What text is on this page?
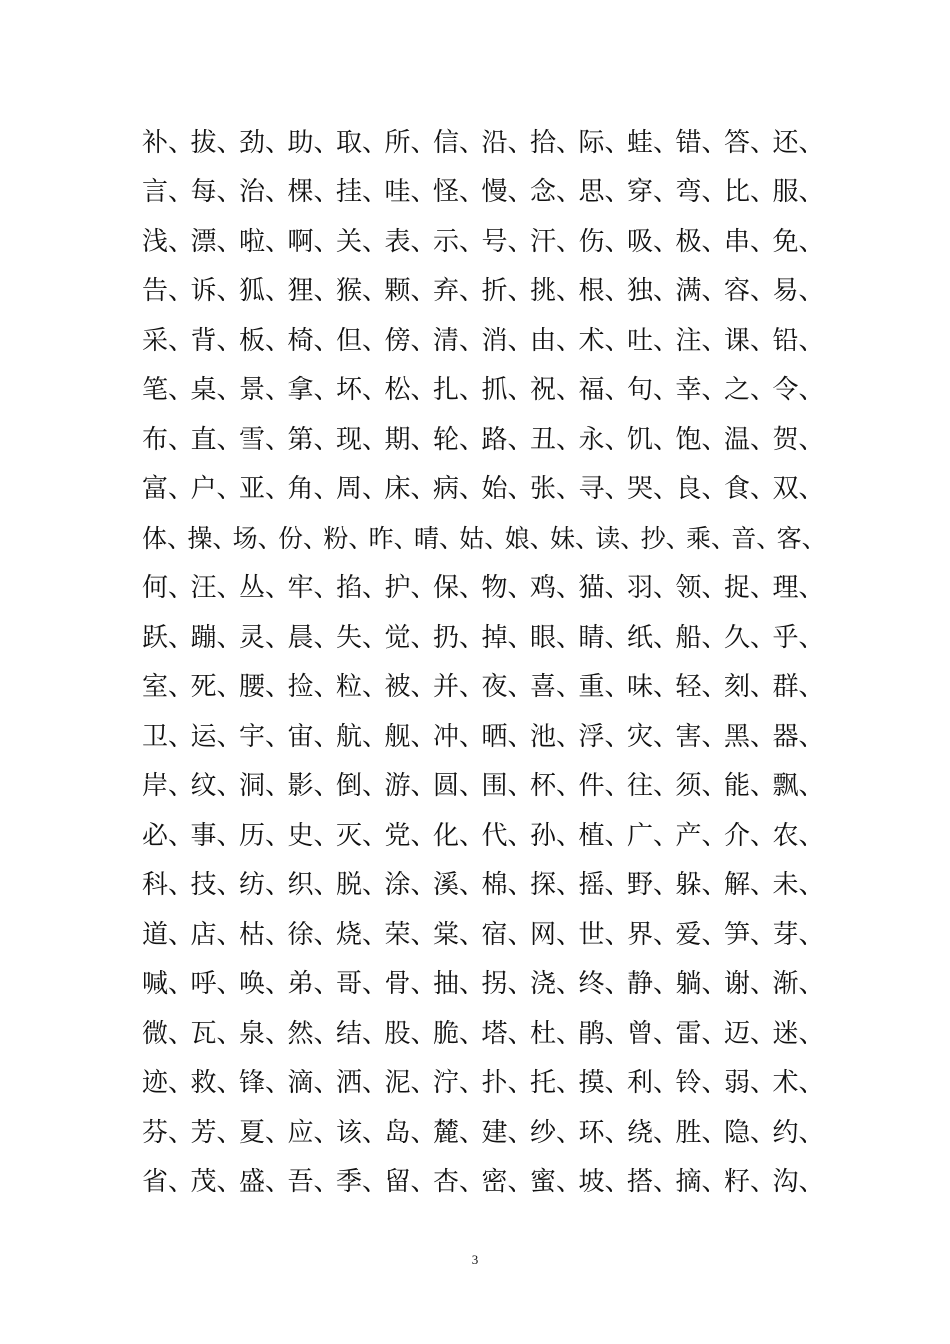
补、
拔、
劲、
助、
取、
所、
信、
沿、
拾、
际、
蛙、
错、
答、
还、
言、
每、
治、
棵、
挂、
哇、
怪、
慢、
念、
思、
穿、
弯、
比、
服、
浅、
漂、
啦、
啊、
关、
表、
示、
号、
汗、
伤、
吸、
极、
串、
免、
告、
诉、
狐、
狸、
猴、
颗、
弃、
折、
挑、
根、
独、
满、
容、
易、
采、
背、
板、
椅、
但、
傍、
清、
消、
由、
术、
吐、
注、
课、
铅、
笔、
桌、
景、
拿、
坏、
松、
扎、
抓、
祝、
福、
句、
幸、
之、
令、
布、
直、
雪、
第、
现、
期、
轮、
路、
丑、
永、
饥、
饱、
温、
贺、
富、
户、
亚、
角、
周、
床、
病、
始、
张、
寻、
哭、
良、
食、
双、
体、
操、
场、
份、
粉、
昨、
晴、
姑、
娘、
妹、
读、
抄、
乘、
音、
客、
何、
汪、
丛、
牢、
掐、
护、
保、
物、
鸡、
猫、
羽、
领、
捉、
理、
跃、
蹦、
灵、
晨、
失、
觉、
扔、
掉、
眼、
睛、
纸、
船、
久、
乎、
室、
死、
腰、
捡、
粒、
被、
并、
夜、
喜、
重、
味、
轻、
刻、
群、
卫、
运、
宇、
宙、
航、
舰、
冲、
晒、
池、
浮、
灾、
害、
黑、
器、
岸、
纹、
洞、
影、
倒、
游、
圆、
围、
杯、
件、
往、
须、
能、
飘、
必、
事、
历、
史、
灭、
党、
化、
代、
孙、
植、
广、
产、
介、
农、
科、
技、
纺、
织、
脱、
涂、
溪、
棉、
探、
摇、
野、
躲、
解、
未、
道、
店、
枯、
徐、
烧、
荣、
棠、
宿、
网、
世、
界、
爱、
笋、
芽、
喊、
呼、
唤、
弟、
哥、
骨、
抽、
拐、
浇、
终、
静、
躺、
谢、
渐、
微、
瓦、
泉、
然、
结、
股、
脆、
塔、
杜、
鹃、
曾、
雷、
迈、
迷、
迹、
救、
锋、
滴、
洒、
泥、
泞、
扑、
托、
摸、
利、
铃、
弱、
术、
芬、
芳、
夏、
应、
该、
岛、
麓、
建、
纱、
环、
绕、
胜、
隐、
约、
省、
茂、
盛、
吾、
季、
留、
杏、
密、
蜜、
坡、
搭、
摘、
籽、
沟、
3
